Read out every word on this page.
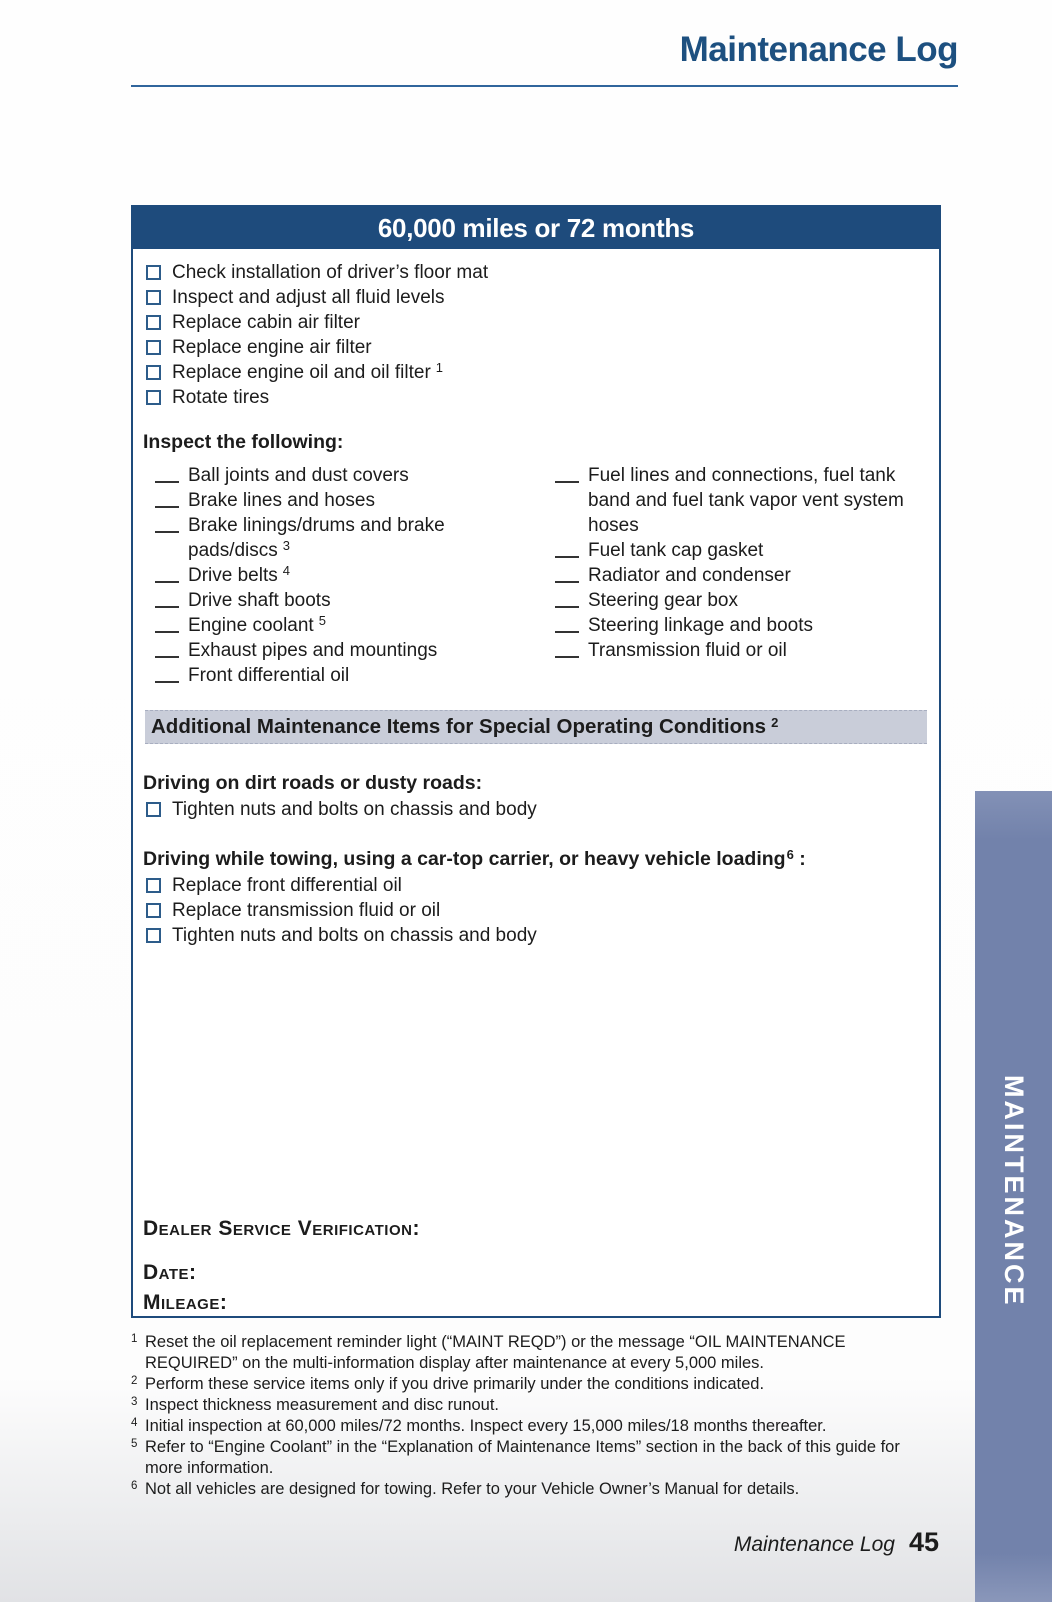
Maintenance Log
60,000 miles or 72 months
Check installation of driver’s floor mat
Inspect and adjust all fluid levels
Replace cabin air filter
Replace engine air filter
Replace engine oil and oil filter $^1$
Rotate tires
Inspect the following:
Ball joints and dust covers
Brake lines and hoses
Brake linings/drums and brake pads/discs $^3$
Drive belts $^4$
Drive shaft boots
Engine coolant $^5$
Exhaust pipes and mountings
Front differential oil
Fuel lines and connections, fuel tank band and fuel tank vapor vent system hoses
Fuel tank cap gasket
Radiator and condenser
Steering gear box
Steering linkage and boots
Transmission fluid or oil
Additional Maintenance Items for Special Operating Conditions $^2$
Driving on dirt roads or dusty roads:
Tighten nuts and bolts on chassis and body
Driving while towing, using a car-top carrier, or heavy vehicle loading$^6$ :
Replace front differential oil
Replace transmission fluid or oil
Tighten nuts and bolts on chassis and body
Dealer Service Verification:
Date:
Mileage:
1 Reset the oil replacement reminder light (“MAINT REQD”) or the message “OIL MAINTENANCE REQUIRED” on the multi-information display after maintenance at every 5,000 miles.
2 Perform these service items only if you drive primarily under the conditions indicated.
3 Inspect thickness measurement and disc runout.
4 Initial inspection at 60,000 miles/72 months. Inspect every 15,000 miles/18 months thereafter.
5 Refer to “Engine Coolant” in the “Explanation of Maintenance Items” section in the back of this guide for more information.
6 Not all vehicles are designed for towing. Refer to your Vehicle Owner’s Manual for details.
Maintenance Log 45
MAINTENANCE
